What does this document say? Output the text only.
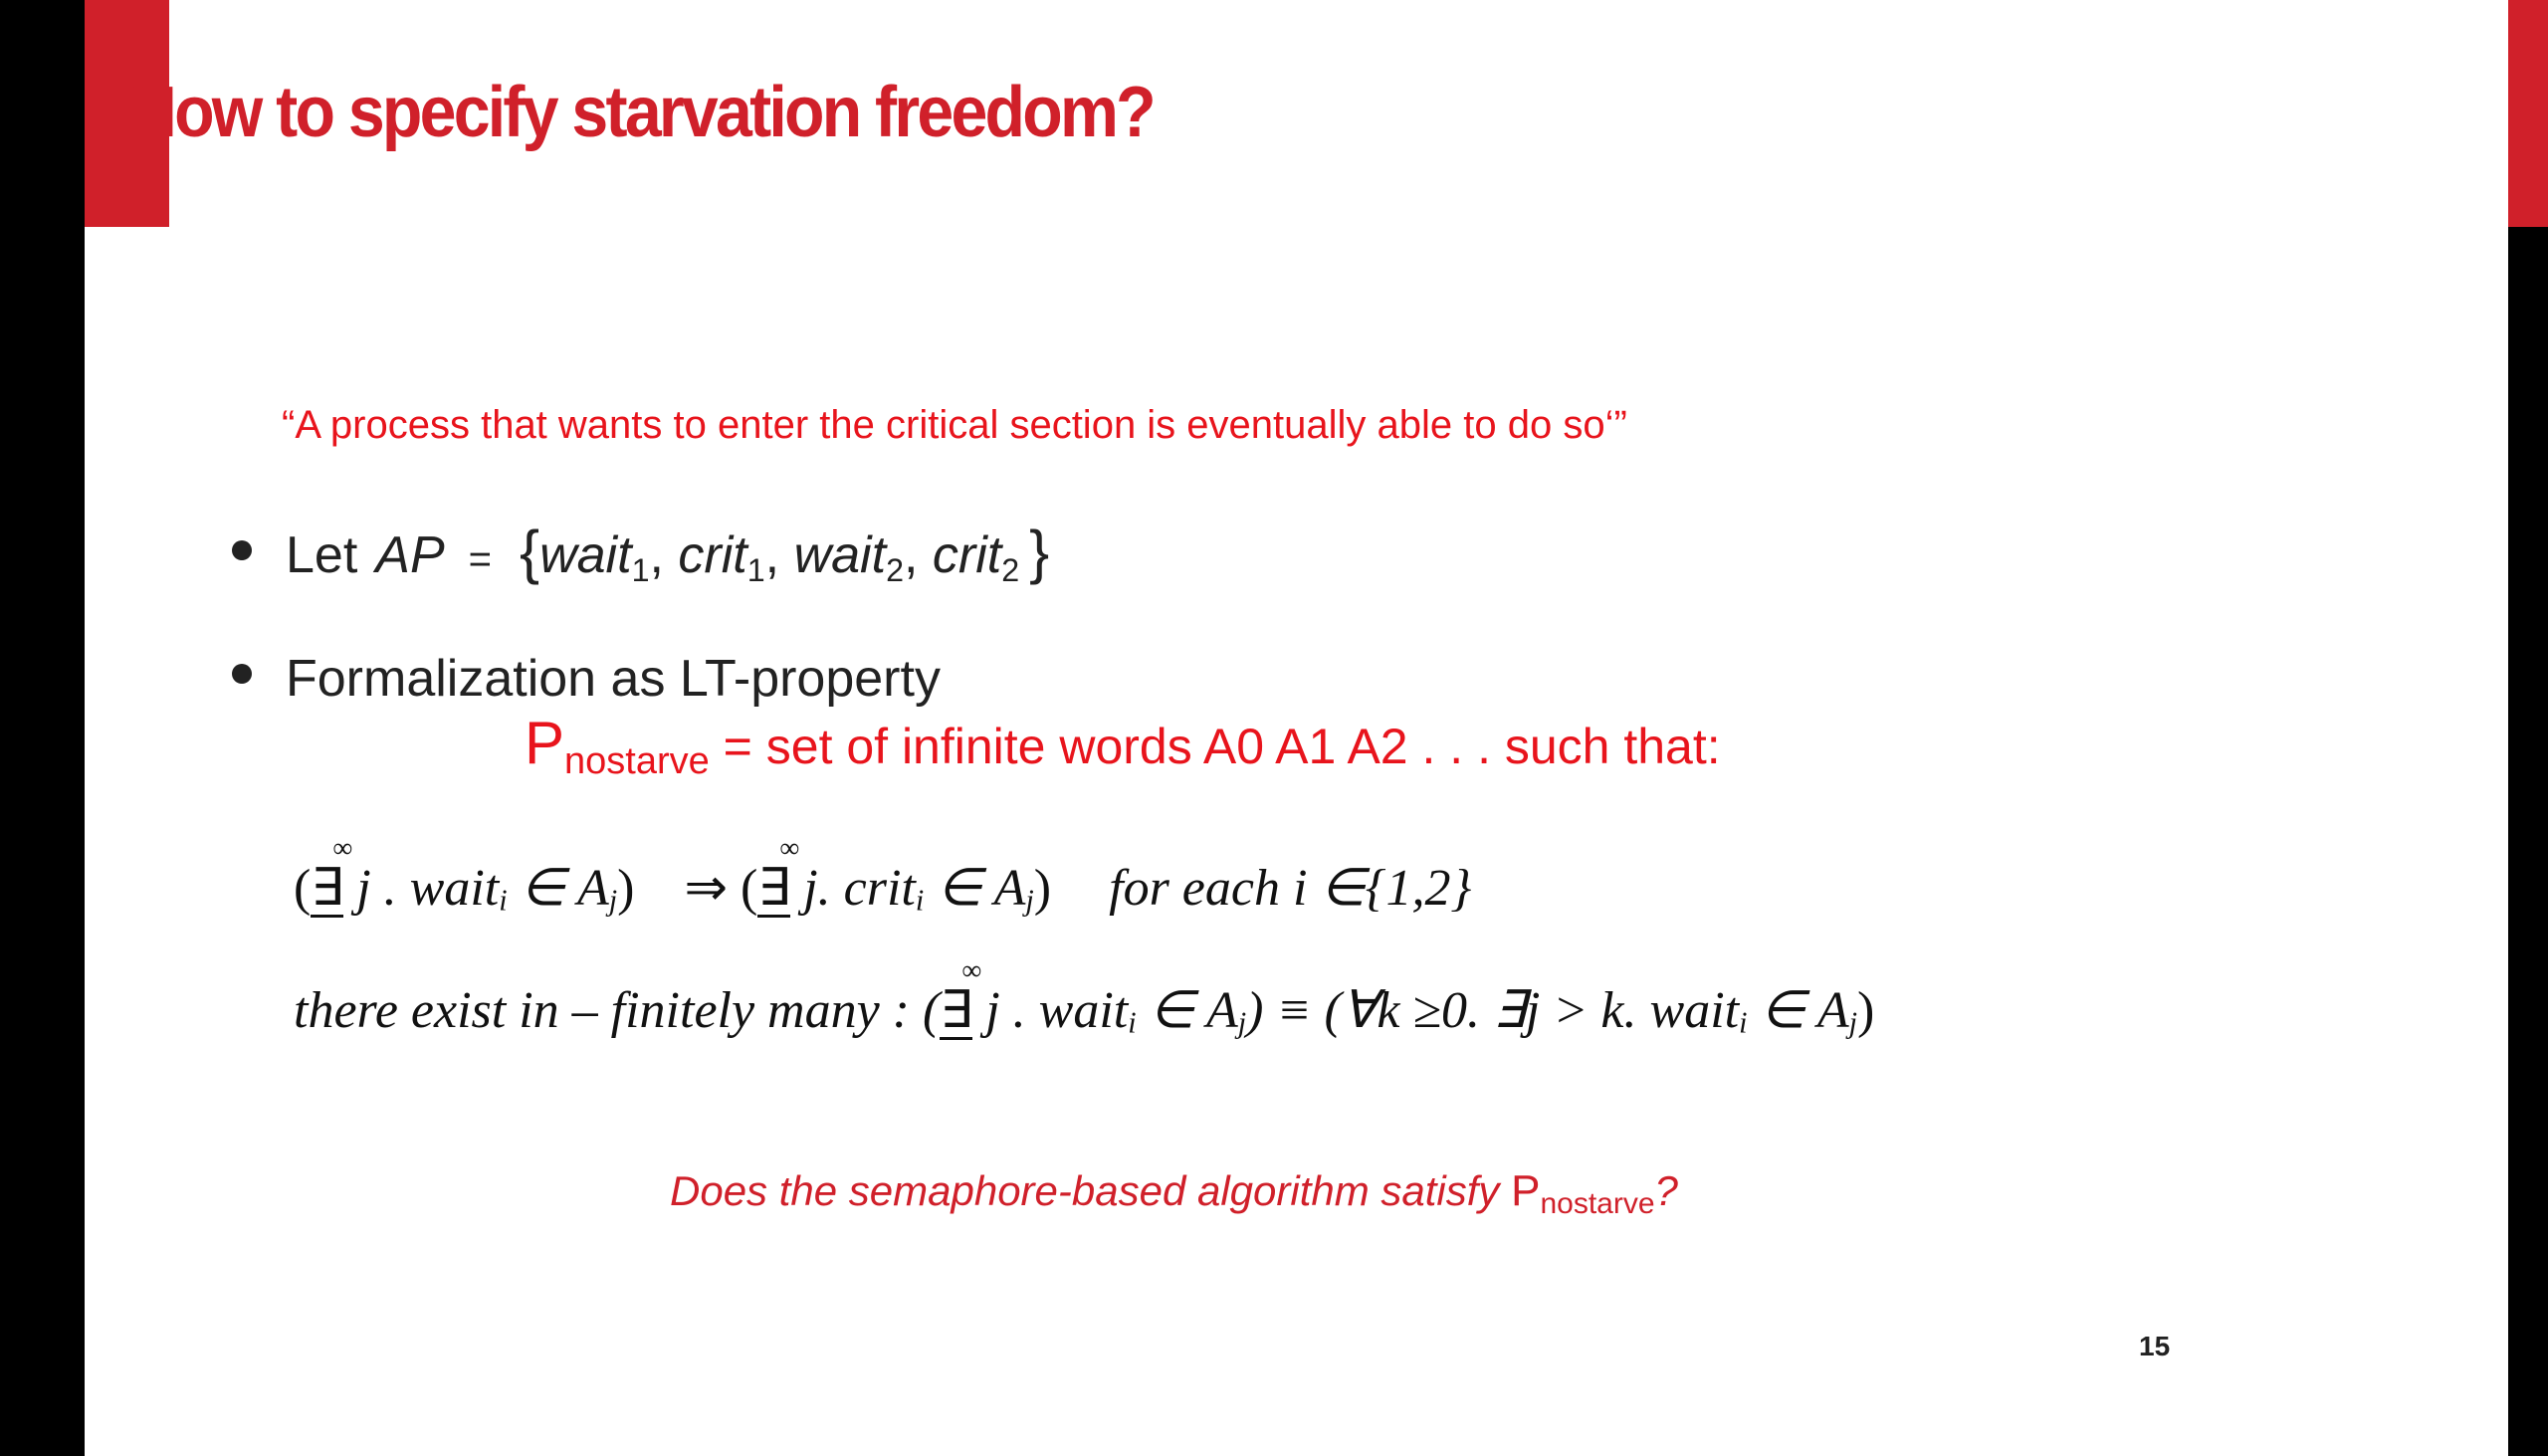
How to specify starvation freedom?
“A process that wants to enter the critical section is eventually able to do so‘”
Let AP = {wait$_1$, crit$_1$, wait$_2$, crit$_2$ }
Formalization as LT-property
$P_{nostarve}$ = set of infinite words A0 A1 A2 . . . such that:
(
∞
∃ j . waiti ∈ Aj) ⇒ (
∞
∃ j. criti ∈ Aj) for each i ∈{1,2}
there exist in – finitely many : (
∞
∃ j . waiti ∈ Aj) ≡ (∀k ≥0. ∃j > k. waiti ∈ Aj)
Does the semaphore-based algorithm satisfy Pnostarve?
15
